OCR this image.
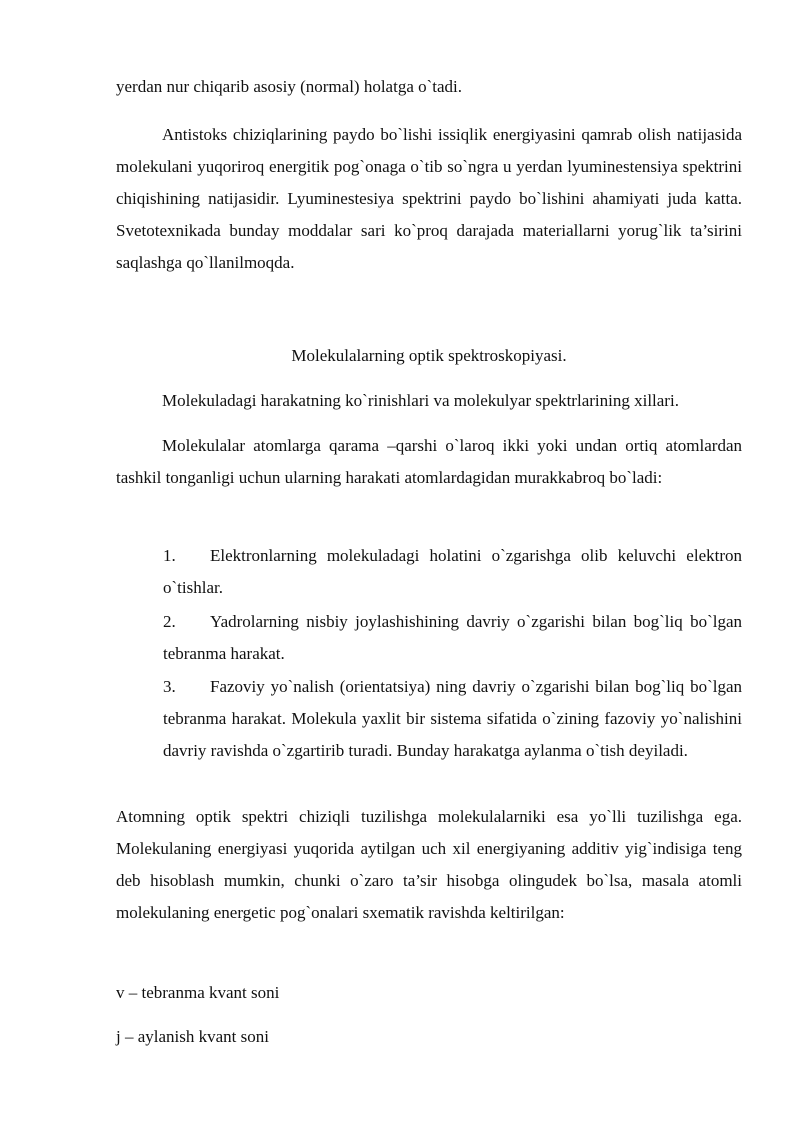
yerdan nur chiqarib asosiy (normal) holatga o`tadi.

Antistoks chiziqlarining paydo bo`lishi issiqlik energiyasini qamrab olish natijasida molekulani yuqoriroq energitik pog`onaga o`tib so`ngra u yerdan lyuminestensiya spektrini chiqishining natijasidir. Lyuminestesiya spektrini paydo bo`lishini ahamiyati juda katta. Svetotexnikada bunday moddalar sari ko`proq darajada materiallarni yorug`lik ta’sirini saqlashga qo`llanilmoqda.

Molekulalarning optik spektroskopiyasi.

Molekuladagi harakatning ko`rinishlari va molekulyar spektrlarining xillari.

Molekulalar atomlarga qarama –qarshi o`laroq ikki yoki undan ortiq atomlardan tashkil tonganligi uchun ularning harakati atomlardagidan murakkabroq bo`ladi:

1.	Elektronlarning molekuladagi holatini o`zgarishga olib keluvchi elektron o`tishlar.
2.	Yadrolarning nisbiy joylashishining davriy o`zgarishi bilan bog`liq bo`lgan tebranma harakat.
3.	Fazoviy yo`nalish (orientatsiya) ning davriy o`zgarishi bilan bog`liq bo`lgan tebranma harakat. Molekula yaxlit bir sistema sifatida o`zining fazoviy yo`nalishini davriy ravishda o`zgartirib turadi. Bunday harakatga aylanma o`tish deyiladi.

Atomning optik spektri chiziqli tuzilishga molekulalarniki esa yo`lli tuzilishga ega. Molekulaning energiyasi yuqorida aytilgan uch xil energiyaning additiv yig`indisiga teng deb hisoblash mumkin, chunki o`zaro ta’sir hisobga olingudek bo`lsa, masala atomli molekulaning energetic pog`onalari sxematik ravishda keltirilgan:

v – tebranma kvant soni

j – aylanish kvant soni
